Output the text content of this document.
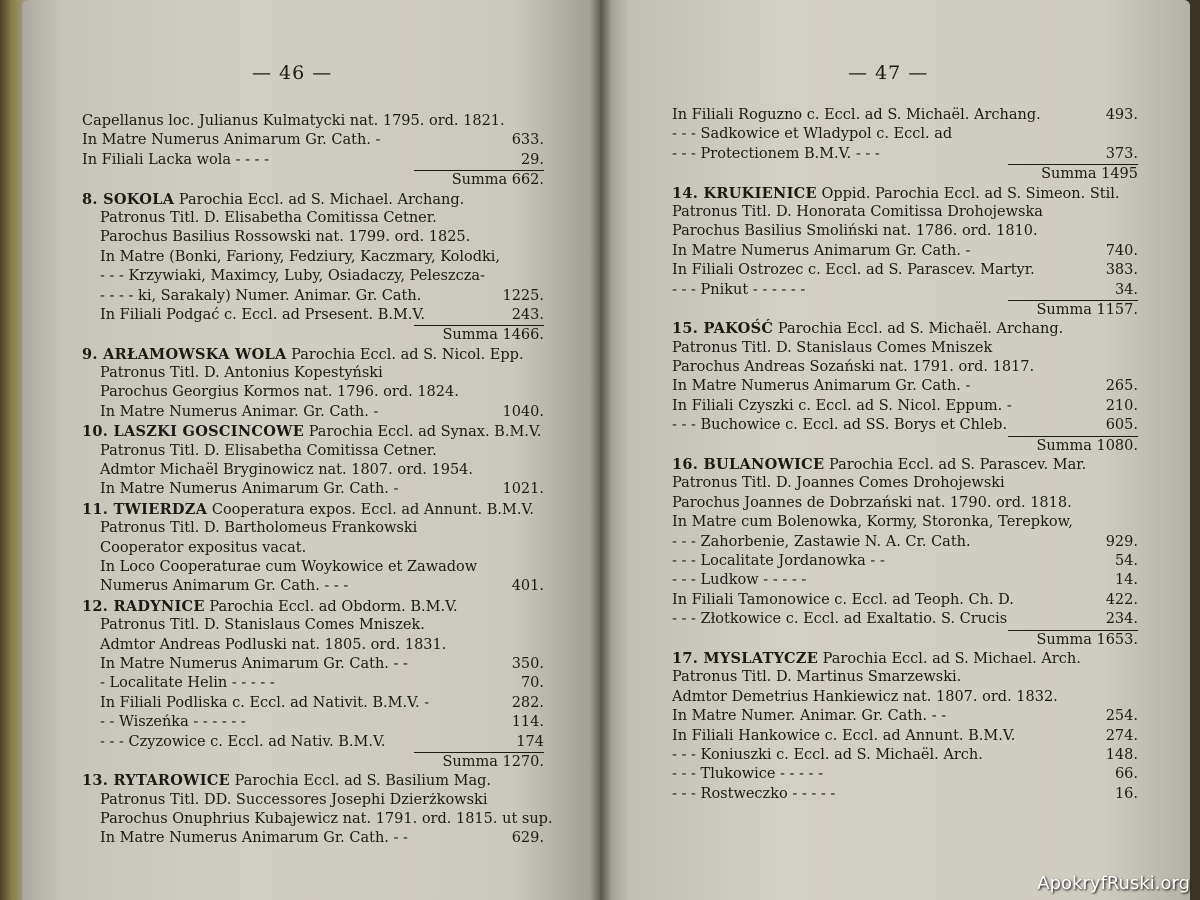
— 46 —
Capellanus loc. Julianus Kulmatycki nat. 1795. ord. 1821.
In Matre Numerus Animarum Gr. Cath. -	633.
In Filiali Lacka wola - - - -	29.
Summa 662.
8. SOKOLA Parochia Eccl. ad S. Michael. Archang.
Patronus Titl. D. Elisabetha Comitissa Cetner.
Parochus Basilius Rossowski nat. 1799. ord. 1825.
In Matre (Bonki, Fariony, Fedziury, Kaczmary, Kolodki,
- - - Krzywiaki, Maximcy, Luby, Osiadaczy, Peleszcza-
- - - - ki, Sarakaly) Numer. Animar. Gr. Cath.	1225.
In Filiali Podgać c. Eccl. ad Prsesent. B.M.V.	243.
Summa 1466.
9. ARŁAMOWSKA WOLA Parochia Eccl. ad S. Nicol. Epp.
Patronus Titl. D. Antonius Kopestyński
Parochus Georgius Kormos nat. 1796. ord. 1824.
In Matre Numerus Animar. Gr. Cath. -	1040.
10. LASZKI GOSCINCOWE Parochia Eccl. ad Synax. B.M.V.
Patronus Titl. D. Elisabetha Comitissa Cetner.
Admtor Michaël Bryginowicz nat. 1807. ord. 1954.
In Matre Numerus Animarum Gr. Cath. -	1021.
11. TWIERDZA Cooperatura expos. Eccl. ad Annunt. B.M.V.
Patronus Titl. D. Bartholomeus Frankowski
Cooperator expositus vacat.
In Loco Cooperaturae cum Woykowice et Zawadow
Numerus Animarum Gr. Cath. - - -	401.
12. RADYNICE Parochia Eccl. ad Obdorm. B.M.V.
Patronus Titl. D. Stanislaus Comes Mniszek.
Admtor Andreas Podluski nat. 1805. ord. 1831.
In Matre Numerus Animarum Gr. Cath. - -	350.
- Localitate Helin - - - - -	70.
In Filiali Podliska c. Eccl. ad Nativit. B.M.V. -	282.
- - Wiszeńka - - - - - -	114.
- - - Czyzowice c. Eccl. ad Nativ. B.M.V.	174
Summa 1270.
13. RYTAROWICE Parochia Eccl. ad S. Basilium Mag.
Patronus Titl. DD. Successores Josephi Dzierżkowski
Parochus Onuphrius Kubajewicz nat. 1791. ord. 1815. ut sup.
In Matre Numerus Animarum Gr. Cath. - -	629.
— 47 —
In Filiali Roguzno c. Eccl. ad S. Michaël. Archang.	493.
- - - Sadkowice et Wladypol c. Eccl. ad
- - - Protectionem B.M.V. - - -	373.
Summa 1495
14. KRUKIENICE Oppid. Parochia Eccl. ad S. Simeon. Stil.
Patronus Titl. D. Honorata Comitissa Drohojewska
Parochus Basilius Smoliński nat. 1786. ord. 1810.
In Matre Numerus Animarum Gr. Cath. -	740.
In Filiali Ostrozec c. Eccl. ad S. Parascev. Martyr.	383.
- - - Pnikut - - - - - -	34.
Summa 1157.
15. PAKOŚĆ Parochia Eccl. ad S. Michaël. Archang.
Patronus Titl. D. Stanislaus Comes Mniszek
Parochus Andreas Sozański nat. 1791. ord. 1817.
In Matre Numerus Animarum Gr. Cath. -	265.
In Filiali Czyszki c. Eccl. ad S. Nicol. Eppum. -	210.
- - - Buchowice c. Eccl. ad SS. Borys et Chleb.	605.
Summa 1080.
16. BULANOWICE Parochia Eccl. ad S. Parascev. Mar.
Patronus Titl. D. Joannes Comes Drohojewski
Parochus Joannes de Dobrzański nat. 1790. ord. 1818.
In Matre cum Bolenowka, Kormy, Storonka, Terepkow,
- - - Zahorbenie, Zastawie N. A. Cr. Cath.	929.
- - - Localitate Jordanowka - -	54.
- - - Ludkow - - - - -	14.
In Filiali Tamonowice c. Eccl. ad Teoph. Ch. D.	422.
- - - Złotkowice c. Eccl. ad Exaltatio. S. Crucis	234.
Summa 1653.
17. MYSLATYCZE Parochia Eccl. ad S. Michael. Arch.
Patronus Titl. D. Martinus Smarzewski.
Admtor Demetrius Hankiewicz nat. 1807. ord. 1832.
In Matre Numer. Animar. Gr. Cath. - -	254.
In Filiali Hankowice c. Eccl. ad Annunt. B.M.V.	274.
- - - Koniuszki c. Eccl. ad S. Michaël. Arch.	148.
- - - Tlukowice - - - - -	66.
- - - Rostweczko - - - - -	16.
ApokryfRuski.org
